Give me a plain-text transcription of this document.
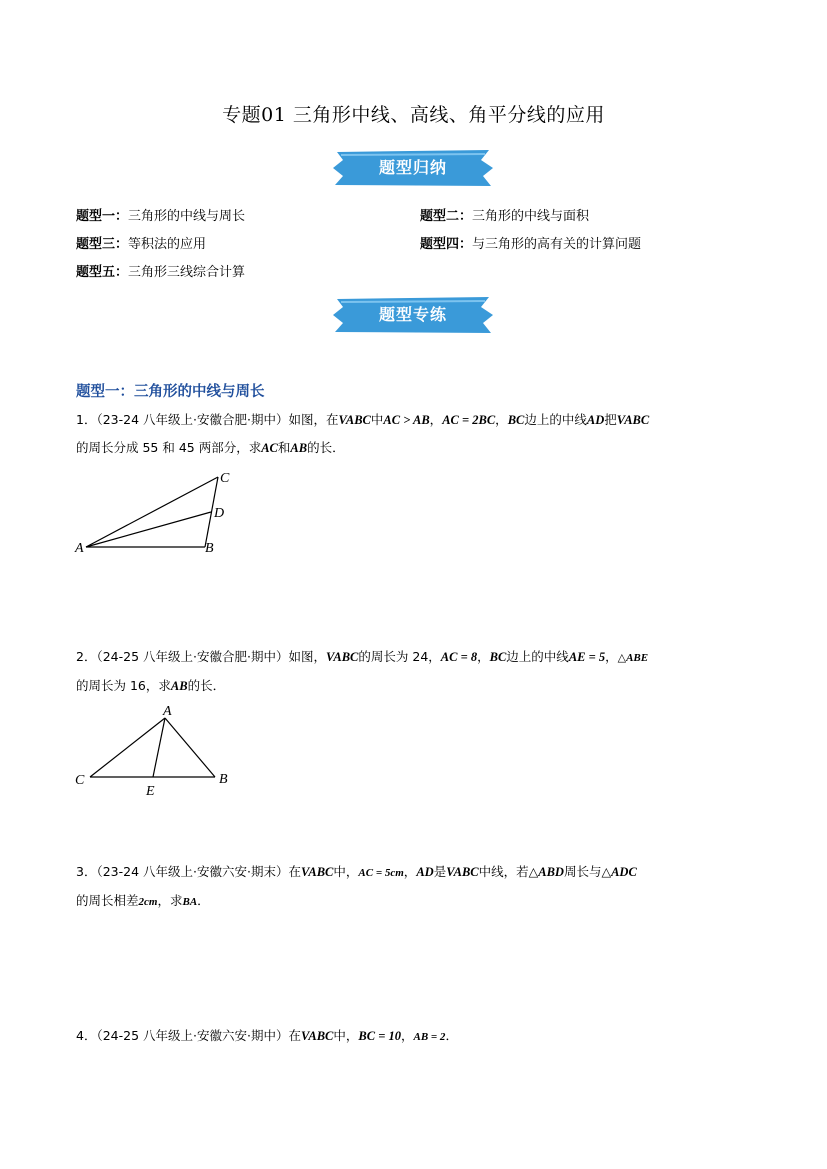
专题01 三角形中线、高线、角平分线的应用
题型归纳
题型一：三角形的中线与周长	题型二：三角形的中线与面积
题型三：等积法的应用	题型四：与三角形的高有关的计算问题
题型五：三角形三线综合计算
题型专练
题型一：三角形的中线与周长
1．（23-24 八年级上·安徽合肥·期中）如图，在VABC中AC > AB，AC = 2BC，BC边上的中线AD把VABC
的周长分成 55 和 45 两部分，求AC和AB的长．
A	B
C
D
2．（24-25 八年级上·安徽合肥·期中）如图，VABC的周长为 24，AC = 8，BC边上的中线AE = 5，△ABE
的周长为 16，求AB的长．
A
B
C
E
3．（23-24 八年级上·安徽六安·期末）在VABC中，AC = 5cm，AD是VABC中线，若△ABD周长与△ADC
的周长相差2cm，求BA．
4．（24-25 八年级上·安徽六安·期中）在VABC中，BC = 10，AB = 2．
